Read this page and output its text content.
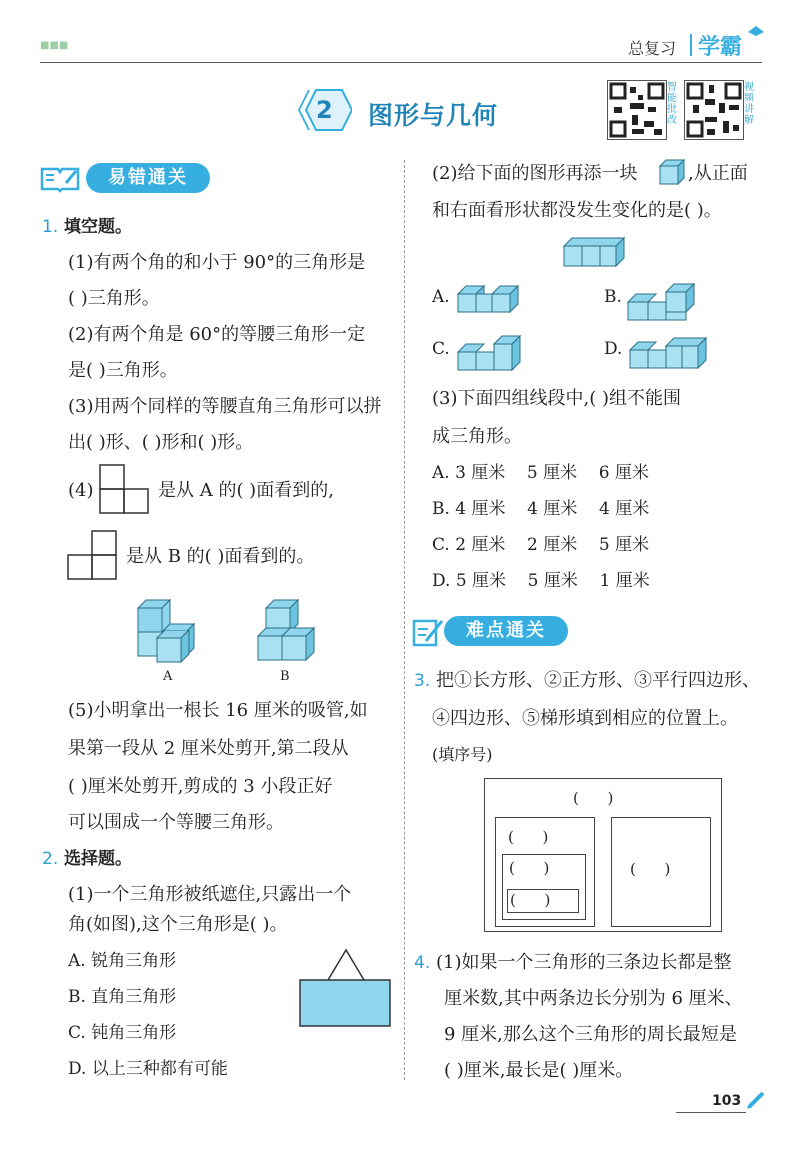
■■■	总复习 学霸
2 图形与几何
智能批改
视频讲解
易错通关
1. 填空题。
(1)有两个角的和小于 90°的三角形是
( )三角形。
(2)有两个角是 60°的等腰三角形一定
是( )三角形。
(3)用两个同样的等腰直角三角形可以拼
出( )形、( )形和( )形。
(4)	是从 A 的( )面看到的,
是从 B 的( )面看到的。
A	B
(5)小明拿出一根长 16 厘米的吸管,如
果第一段从 2 厘米处剪开,第二段从
( )厘米处剪开,剪成的 3 小段正好
可以围成一个等腰三角形。
2. 选择题。
(1)一个三角形被纸遮住,只露出一个
角(如图),这个三角形是( )。
A. 锐角三角形
B. 直角三角形
C. 钝角三角形
D. 以上三种都有可能
(2)给下面的图形再添一块	,从正面
和右面看形状都没发生变化的是( )。
A.	B.
C.	D.
(3)下面四组线段中,( )组不能围
成三角形。
A. 3 厘米    5 厘米    6 厘米
B. 4 厘米    4 厘米    4 厘米
C. 2 厘米    2 厘米    5 厘米
D. 5 厘米    5 厘米    1 厘米
难点通关
3. 把①长方形、②正方形、③平行四边形、
④四边形、⑤梯形填到相应的位置上。
(填序号)
(      )
(      )
(      )
(      )
(      )
4. (1)如果一个三角形的三条边长都是整
厘米数,其中两条边长分别为 6 厘米、
9 厘米,那么这个三角形的周长最短是
( )厘米,最长是( )厘米。
103
